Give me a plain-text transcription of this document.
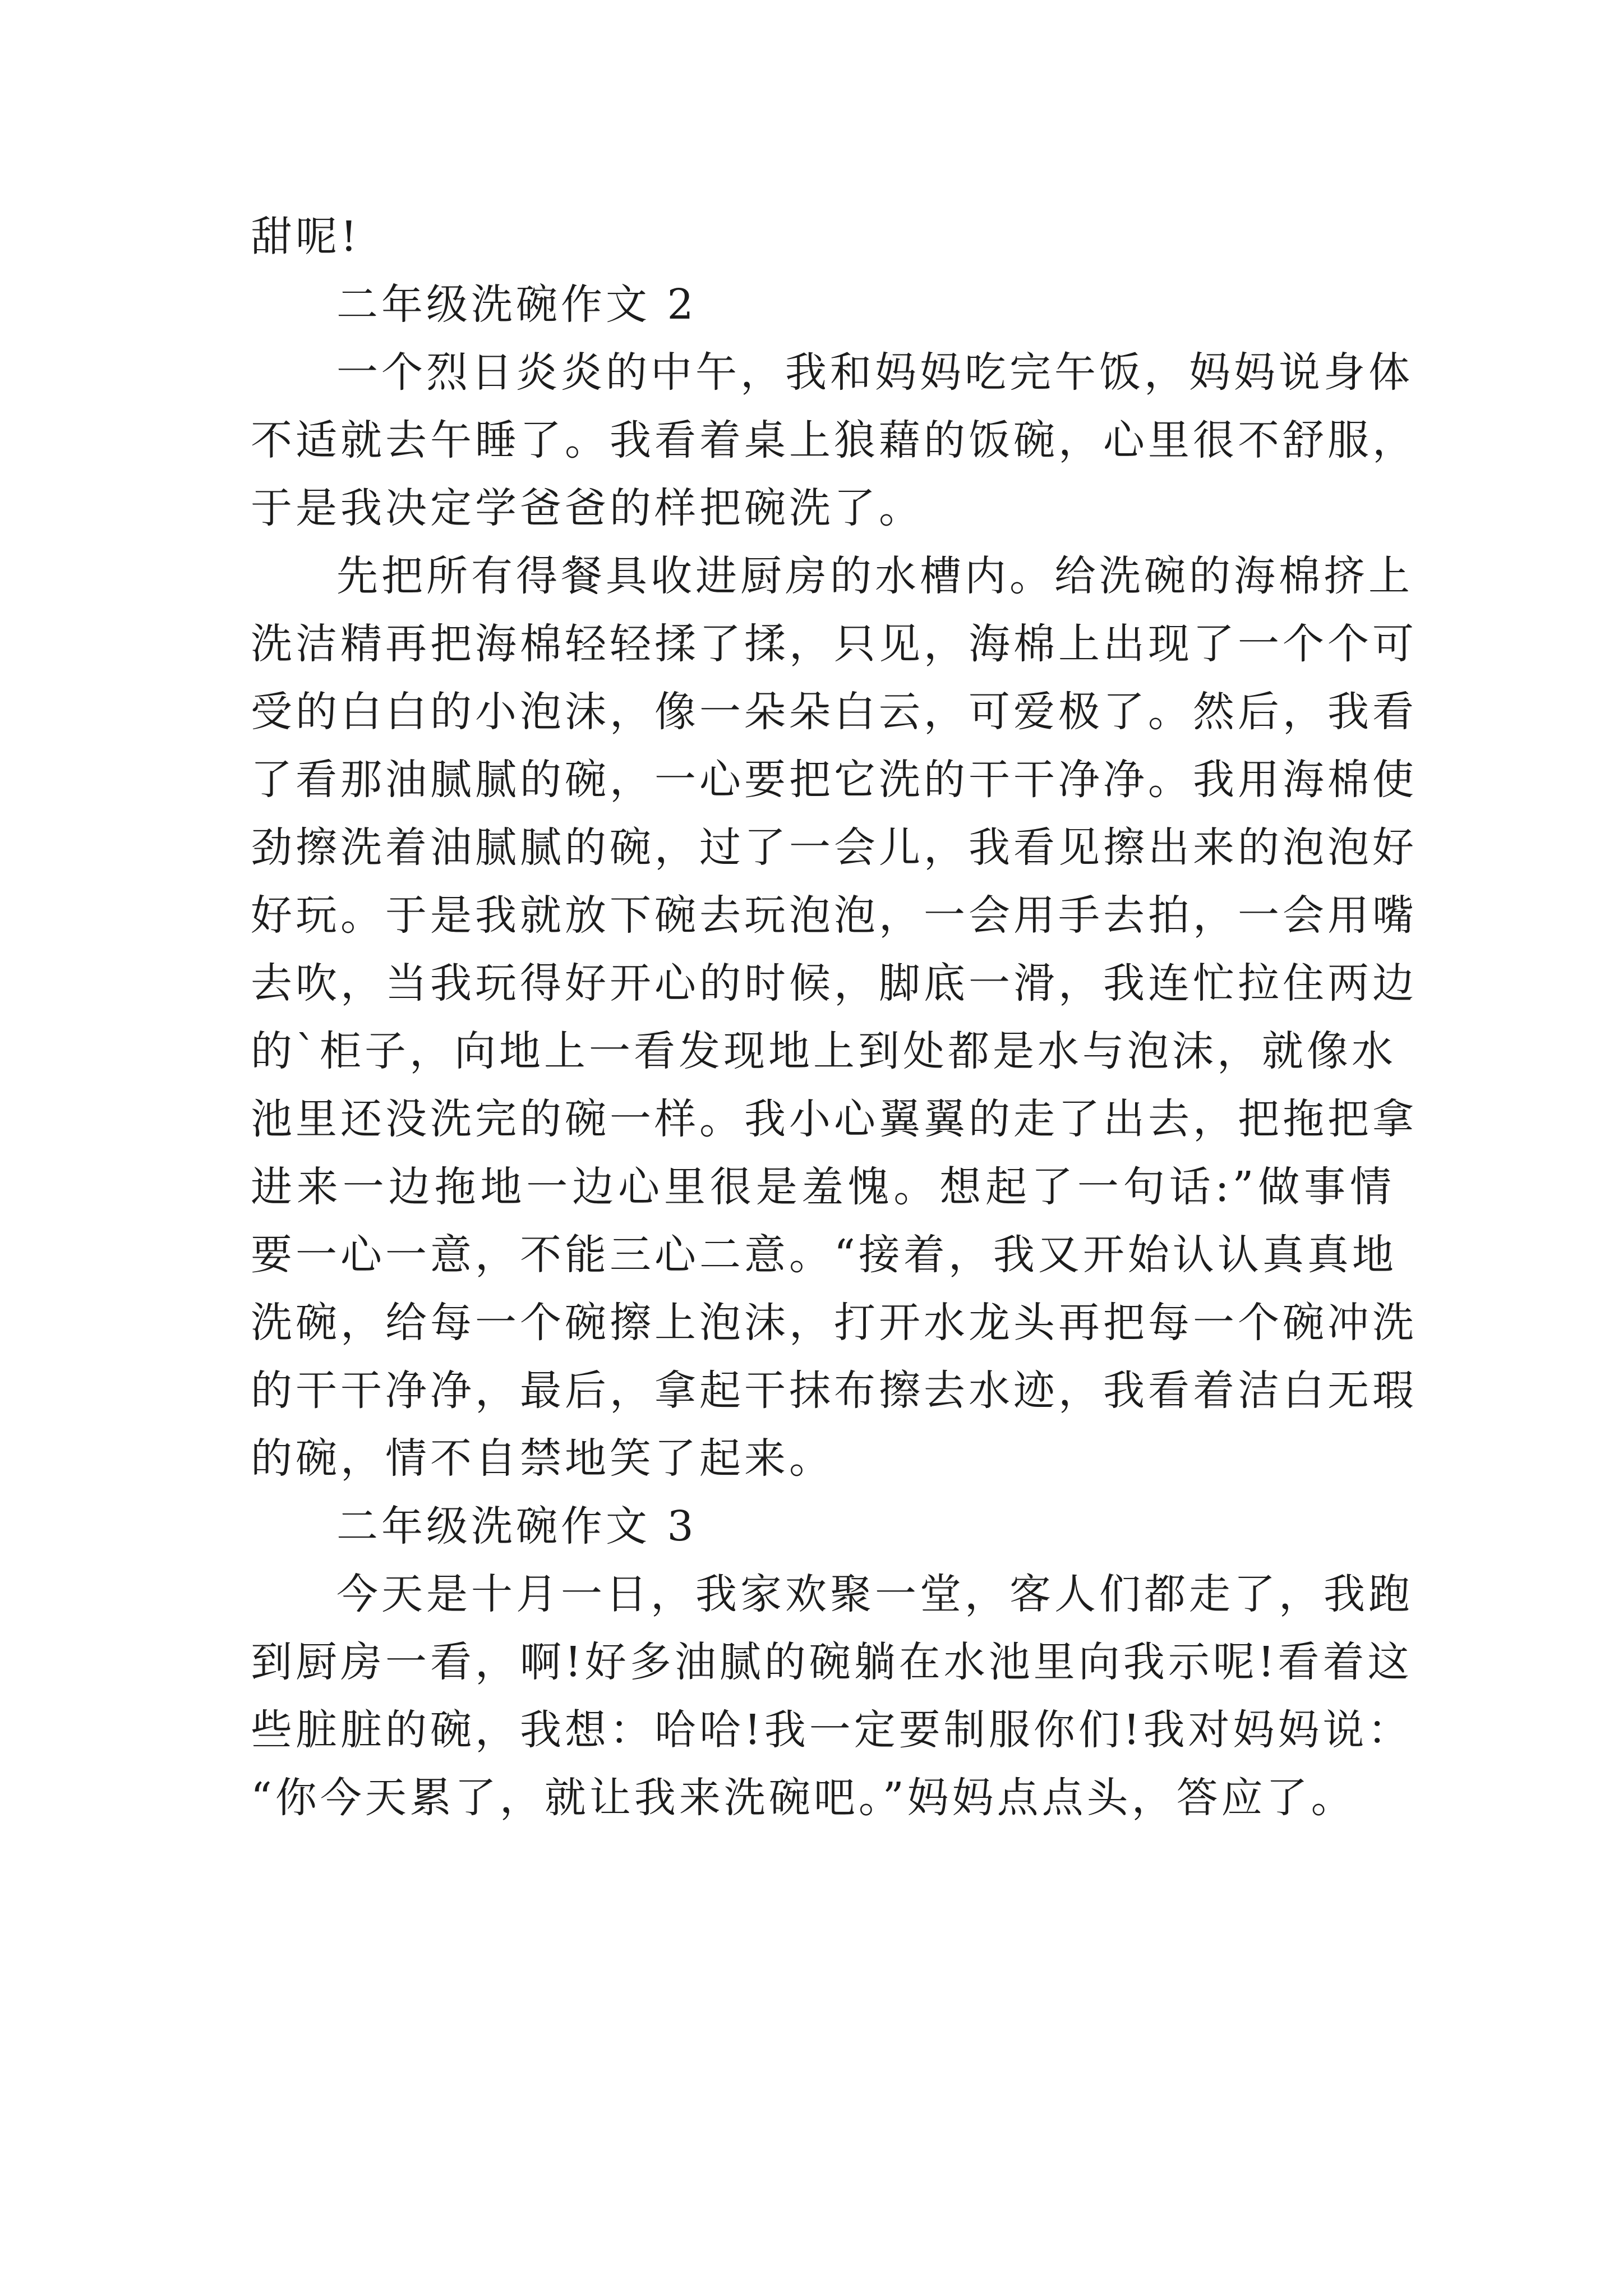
甜呢!
二年级洗碗作文 2
一个烈日炎炎的中午，我和妈妈吃完午饭，妈妈说身体
不适就去午睡了。我看着桌上狼藉的饭碗，心里很不舒服，
于是我决定学爸爸的样把碗洗了。
先把所有得餐具收进厨房的水槽内。给洗碗的海棉挤上
洗洁精再把海棉轻轻揉了揉，只见，海棉上出现了一个个可
受的白白的小泡沫，像一朵朵白云，可爱极了。然后，我看
了看那油腻腻的碗，一心要把它洗的干干净净。我用海棉使
劲擦洗着油腻腻的碗，过了一会儿，我看见擦出来的泡泡好
好玩。于是我就放下碗去玩泡泡，一会用手去拍，一会用嘴
去吹，当我玩得好开心的时候，脚底一滑，我连忙拉住两边
的`柜子，向地上一看发现地上到处都是水与泡沫，就像水
池里还没洗完的碗一样。我小心翼翼的走了出去，把拖把拿
进来一边拖地一边心里很是羞愧。想起了一句话:”做事情
要一心一意，不能三心二意。“接着，我又开始认认真真地
洗碗，给每一个碗擦上泡沫，打开水龙头再把每一个碗冲洗
的干干净净，最后，拿起干抹布擦去水迹，我看着洁白无瑕
的碗，情不自禁地笑了起来。
二年级洗碗作文 3
今天是十月一日，我家欢聚一堂，客人们都走了，我跑
到厨房一看，啊!好多油腻的碗躺在水池里向我示呢!看着这
些脏脏的碗，我想：哈哈!我一定要制服你们!我对妈妈说：
“你今天累了，就让我来洗碗吧。”妈妈点点头，答应了。
